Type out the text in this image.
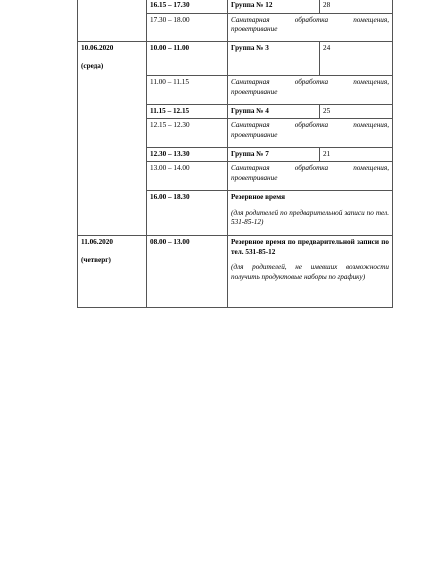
	16.15 – 17.30	Группа № 12	28
	17.30 – 18.00	Санитарная обработка помещения, проветривание	

10.06.2020
(среда)	10.00 – 11.00	Группа № 3	24
	11.00 – 11.15	Санитарная обработка помещения, проветривание	
	11.15 – 12.15	Группа № 4	25
	12.15 – 12.30	Санитарная обработка помещения, проветривание	
	12.30 – 13.30	Группа № 7	21
	13.00 – 14.00	Санитарная обработка помещения, проветривание	
	16.00 – 18.30	Резервное время
(для родителей по предварительной записи по тел. 531-85-12)	

11.06.2020
(четверг)	08.00 – 13.00	Резервное время по предварительной записи по тел. 531-85-12
(для родителей, не имевших возможности получить продуктовые наборы по графику)	
